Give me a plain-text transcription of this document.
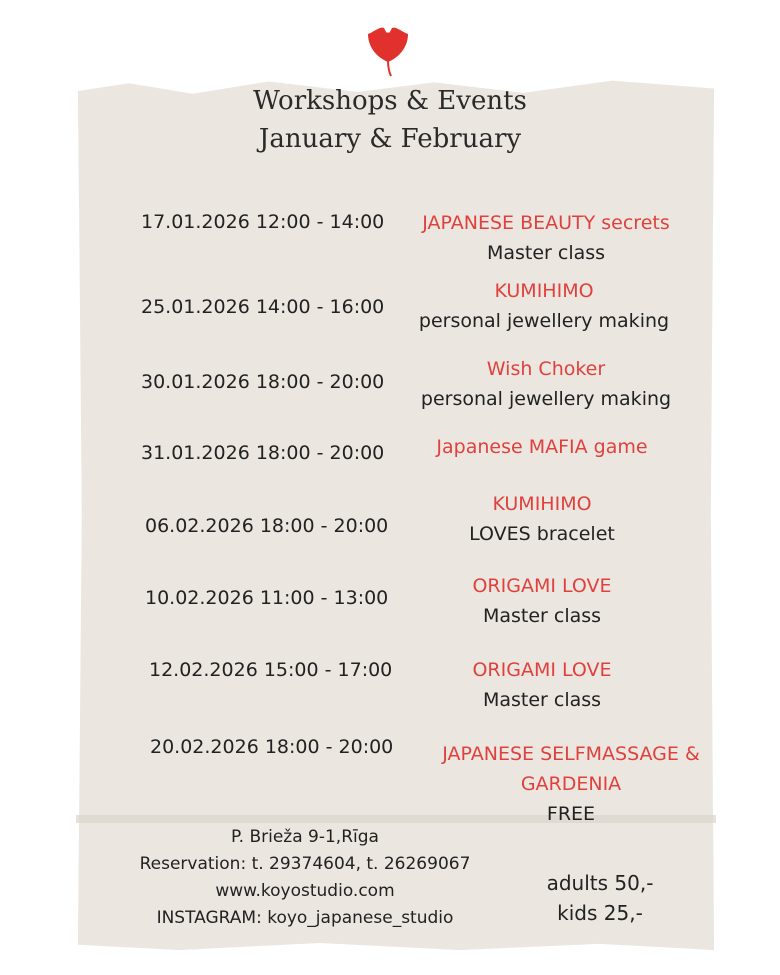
Workshops & Events
January & February
17.01.2026 12:00 - 14:00	JAPANESE BEAUTY secrets
Master class
25.01.2026 14:00 - 16:00
KUMIHIMO
personal jewellery making
30.01.2026 18:00 - 20:00
Wish Choker
personal jewellery making
31.01.2026 18:00 - 20:00	Japanese MAFIA game
06.02.2026 18:00 - 20:00
KUMIHIMO
LOVES bracelet
10.02.2026 11:00 - 13:00
ORIGAMI LOVE
Master class
12.02.2026 15:00 - 17:00	ORIGAMI LOVE
Master class
20.02.2026 18:00 - 20:00	JAPANESE SELFMASSAGE &
GARDENIA
FREE
P. Brieža 9-1,Rīga
Reservation: t. 29374604, t. 26269067
www.koyostudio.com
INSTAGRAM: koyo_japanese_studio
adults 50,-
kids 25,-
